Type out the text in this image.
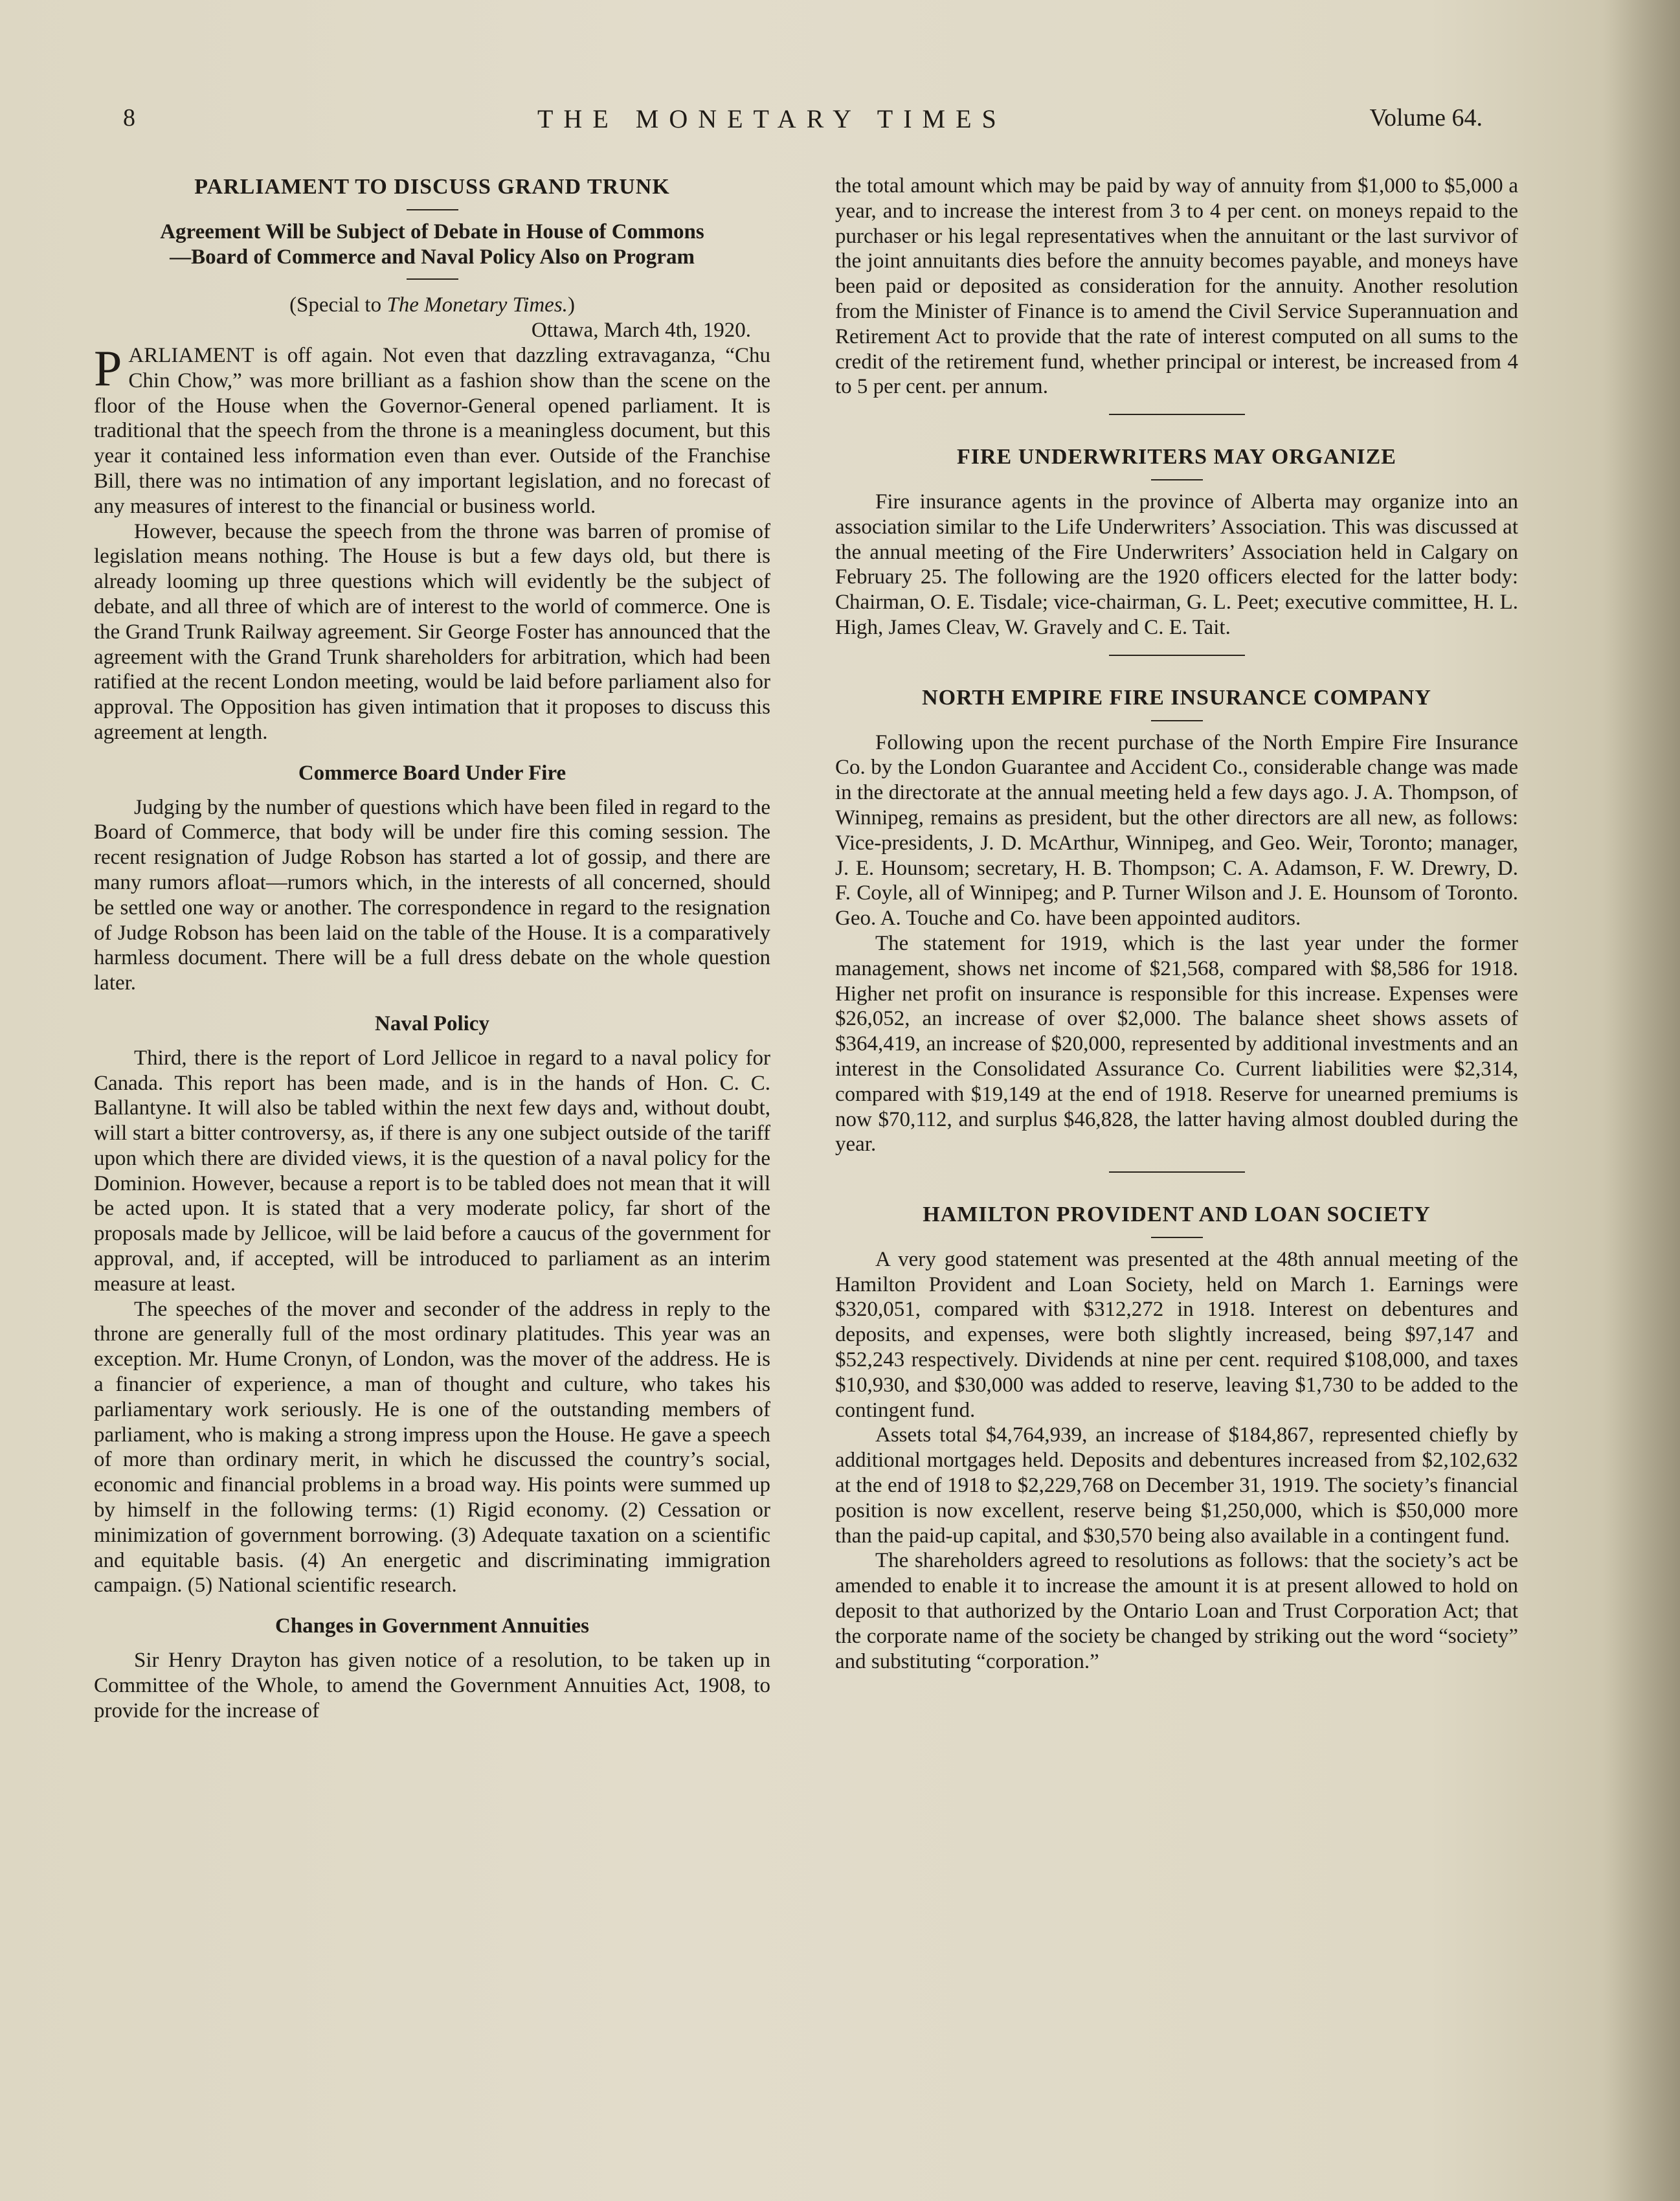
8	THE MONETARY TIMES	Volume 64.
PARLIAMENT TO DISCUSS GRAND TRUNK
Agreement Will be Subject of Debate in House of Commons
—Board of Commerce and Naval Policy Also on Program
(Special to The Monetary Times.)
Ottawa, March 4th, 1920.

PARLIAMENT is off again. Not even that dazzling extravaganza, “Chu Chin Chow,” was more brilliant as a fashion show than the scene on the floor of the House when the Governor-General opened parliament. It is traditional that the speech from the throne is a meaningless document, but this year it contained less information even than ever. Outside of the Franchise Bill, there was no intimation of any important legislation, and no forecast of any measures of interest to the financial or business world.

However, because the speech from the throne was barren of promise of legislation means nothing. The House is but a few days old, but there is already looming up three questions which will evidently be the subject of debate, and all three of which are of interest to the world of commerce. One is the Grand Trunk Railway agreement. Sir George Foster has announced that the agreement with the Grand Trunk shareholders for arbitration, which had been ratified at the recent London meeting, would be laid before parliament also for approval. The Opposition has given intimation that it proposes to discuss this agreement at length.

Commerce Board Under Fire

Judging by the number of questions which have been filed in regard to the Board of Commerce, that body will be under fire this coming session. The recent resignation of Judge Robson has started a lot of gossip, and there are many rumors afloat—rumors which, in the interests of all concerned, should be settled one way or another. The correspondence in regard to the resignation of Judge Robson has been laid on the table of the House. It is a comparatively harmless document. There will be a full dress debate on the whole question later.

Naval Policy

Third, there is the report of Lord Jellicoe in regard to a naval policy for Canada. This report has been made, and is in the hands of Hon. C. C. Ballantyne. It will also be tabled within the next few days and, without doubt, will start a bitter controversy, as, if there is any one subject outside of the tariff upon which there are divided views, it is the question of a naval policy for the Dominion. However, because a report is to be tabled does not mean that it will be acted upon. It is stated that a very moderate policy, far short of the proposals made by Jellicoe, will be laid before a caucus of the government for approval, and, if accepted, will be introduced to parliament as an interim measure at least.

The speeches of the mover and seconder of the address in reply to the throne are generally full of the most ordinary platitudes. This year was an exception. Mr. Hume Cronyn, of London, was the mover of the address. He is a financier of experience, a man of thought and culture, who takes his parliamentary work seriously. He is one of the outstanding members of parliament, who is making a strong impress upon the House. He gave a speech of more than ordinary merit, in which he discussed the country’s social, economic and financial problems in a broad way. His points were summed up by himself in the following terms: (1) Rigid economy. (2) Cessation or minimization of government borrowing. (3) Adequate taxation on a scientific and equitable basis. (4) An energetic and discriminating immigration campaign. (5) National scientific research.

Changes in Government Annuities

Sir Henry Drayton has given notice of a resolution, to be taken up in Committee of the Whole, to amend the Government Annuities Act, 1908, to provide for the increase of

the total amount which may be paid by way of annuity from $1,000 to $5,000 a year, and to increase the interest from 3 to 4 per cent. on moneys repaid to the purchaser or his legal representatives when the annuitant or the last survivor of the joint annuitants dies before the annuity becomes payable, and moneys have been paid or deposited as consideration for the annuity. Another resolution from the Minister of Finance is to amend the Civil Service Superannuation and Retirement Act to provide that the rate of interest computed on all sums to the credit of the retirement fund, whether principal or interest, be increased from 4 to 5 per cent. per annum.

FIRE UNDERWRITERS MAY ORGANIZE

Fire insurance agents in the province of Alberta may organize into an association similar to the Life Underwriters’ Association. This was discussed at the annual meeting of the Fire Underwriters’ Association held in Calgary on February 25. The following are the 1920 officers elected for the latter body: Chairman, O. E. Tisdale; vice-chairman, G. L. Peet; executive committee, H. L. High, James Cleav, W. Gravely and C. E. Tait.

NORTH EMPIRE FIRE INSURANCE COMPANY

Following upon the recent purchase of the North Empire Fire Insurance Co. by the London Guarantee and Accident Co., considerable change was made in the directorate at the annual meeting held a few days ago. J. A. Thompson, of Winnipeg, remains as president, but the other directors are all new, as follows: Vice-presidents, J. D. McArthur, Winnipeg, and Geo. Weir, Toronto; manager, J. E. Hounsom; secretary, H. B. Thompson; C. A. Adamson, F. W. Drewry, D. F. Coyle, all of Winnipeg; and P. Turner Wilson and J. E. Hounsom of Toronto. Geo. A. Touche and Co. have been appointed auditors.

The statement for 1919, which is the last year under the former management, shows net income of $21,568, compared with $8,586 for 1918. Higher net profit on insurance is responsible for this increase. Expenses were $26,052, an increase of over $2,000. The balance sheet shows assets of $364,419, an increase of $20,000, represented by additional investments and an interest in the Consolidated Assurance Co. Current liabilities were $2,314, compared with $19,149 at the end of 1918. Reserve for unearned premiums is now $70,112, and surplus $46,828, the latter having almost doubled during the year.

HAMILTON PROVIDENT AND LOAN SOCIETY

A very good statement was presented at the 48th annual meeting of the Hamilton Provident and Loan Society, held on March 1. Earnings were $320,051, compared with $312,272 in 1918. Interest on debentures and deposits, and expenses, were both slightly increased, being $97,147 and $52,243 respectively. Dividends at nine per cent. required $108,000, and taxes $10,930, and $30,000 was added to reserve, leaving $1,730 to be added to the contingent fund.

Assets total $4,764,939, an increase of $184,867, represented chiefly by additional mortgages held. Deposits and debentures increased from $2,102,632 at the end of 1918 to $2,229,768 on December 31, 1919. The society’s financial position is now excellent, reserve being $1,250,000, which is $50,000 more than the paid-up capital, and $30,570 being also available in a contingent fund.

The shareholders agreed to resolutions as follows: that the society’s act be amended to enable it to increase the amount it is at present allowed to hold on deposit to that authorized by the Ontario Loan and Trust Corporation Act; that the corporate name of the society be changed by striking out the word “society” and substituting “corporation.”
